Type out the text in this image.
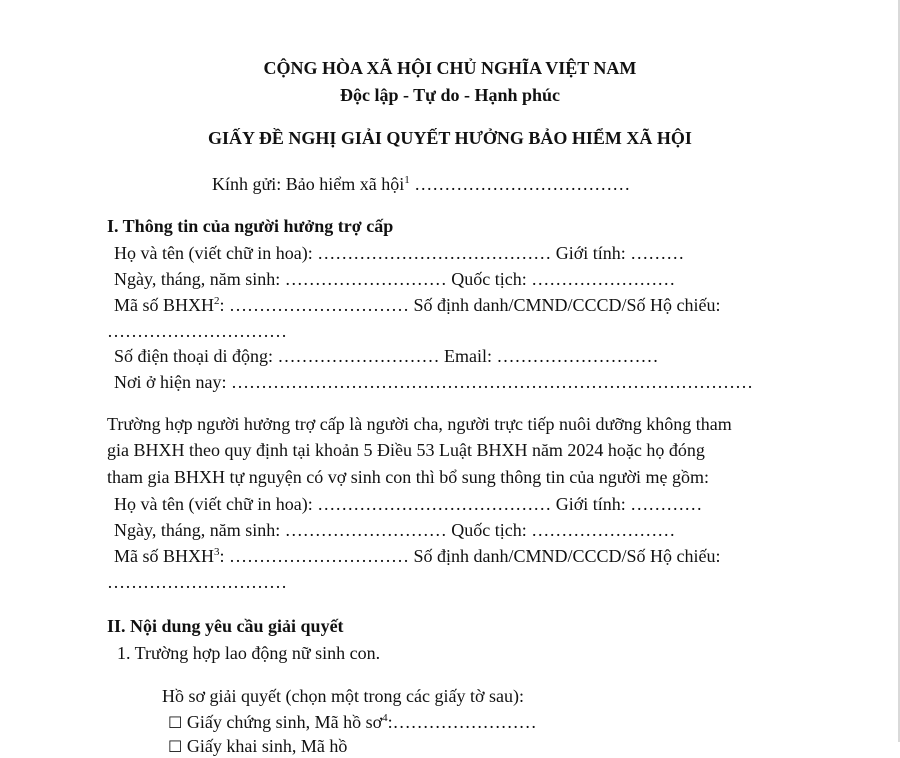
CỘNG HÒA XÃ HỘI CHỦ NGHĨA VIỆT NAM
Độc lập - Tự do - Hạnh phúc
GIẤY ĐỀ NGHỊ GIẢI QUYẾT HƯỞNG BẢO HIỂM XÃ HỘI
Kính gửi: Bảo hiểm xã hội$^1$ ………………………………
I. Thông tin của người hưởng trợ cấp
Họ và tên (viết chữ in hoa): ………………………………… Giới tính: ………
Ngày, tháng, năm sinh: ……………………… Quốc tịch: ……………………
Mã số BHXH$^2$: ………………………… Số định danh/CMND/CCCD/Số Hộ chiếu:
…………………………
Số điện thoại di động: ……………………… Email: ………………………
Nơi ở hiện nay: ……………………………………………………………………………
Trường hợp người hưởng trợ cấp là người cha, người trực tiếp nuôi dưỡng không tham
gia BHXH theo quy định tại khoản 5 Điều 53 Luật BHXH năm 2024 hoặc họ đóng
tham gia BHXH tự nguyện có vợ sinh con thì bổ sung thông tin của người mẹ gồm:
Họ và tên (viết chữ in hoa): ………………………………… Giới tính: …………
Ngày, tháng, năm sinh: ……………………… Quốc tịch: ……………………
Mã số BHXH$^3$: ………………………… Số định danh/CMND/CCCD/Số Hộ chiếu:
…………………………
II. Nội dung yêu cầu giải quyết
1. Trường hợp lao động nữ sinh con.
Hồ sơ giải quyết (chọn một trong các giấy tờ sau):
☐ Giấy chứng sinh, Mã hồ $sơ^4:\dots\dots\dots\dots\dots\dots\dots\dots$
☐ Giấy khai sinh, Mã hồ
